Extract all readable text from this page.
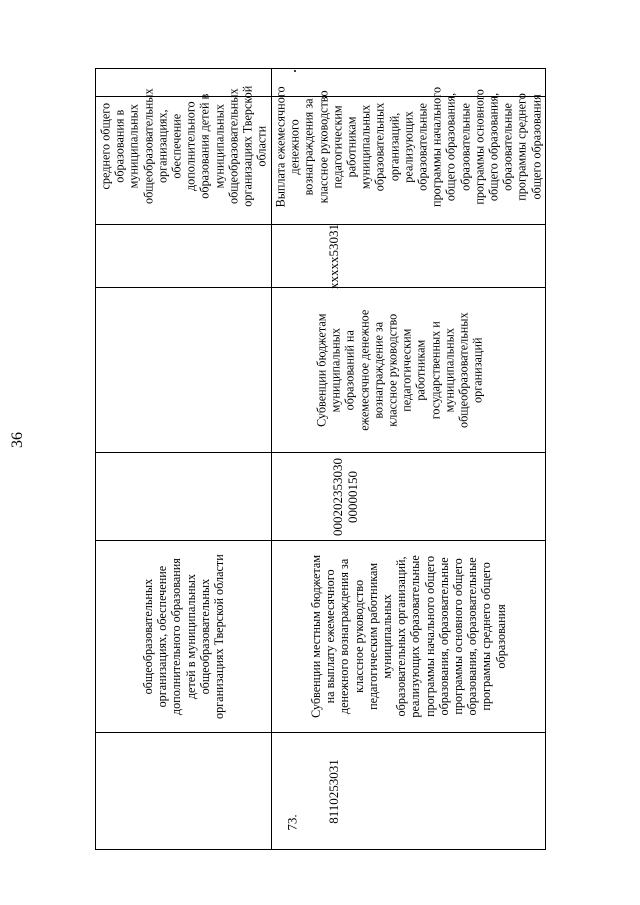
36
общеобразовательных
организациях, обеспечение
дополнительного образования
детей в муниципальных
общеобразовательных
организациях Тверской области
среднего общего
образования в
муниципальных
общеобразовательных
организациях,
обеспечение
дополнительного
образования детей в
муниципальных
общеобразовательных
организациях Тверской
области
73. 8110253031
Субвенции местным бюджетам
на выплату ежемесячного
денежного вознаграждения за
классное руководство
педагогическим работникам
муниципальных
образовательных организаций,
реализующих образовательные
программы начального общего
образования, образовательные
программы основного общего
образования, образовательные
программы среднего общего
образования
000202353030
00000150
Субвенции бюджетам
муниципальных
образований на
ежемесячное денежное
вознаграждение за
классное руководство
педагогическим
работникам
государственных и
муниципальных
общеобразовательных
организаций
xxxxx53031
Выплата ежемесячного
денежного
вознаграждения за
классное руководство
педагогическим
работникам
муниципальных
образовательных
организаций,
реализующих
образовательные
программы начального
общего образования,
образовательные
программы основного
общего образования,
образовательные
программы среднего
общего образования
